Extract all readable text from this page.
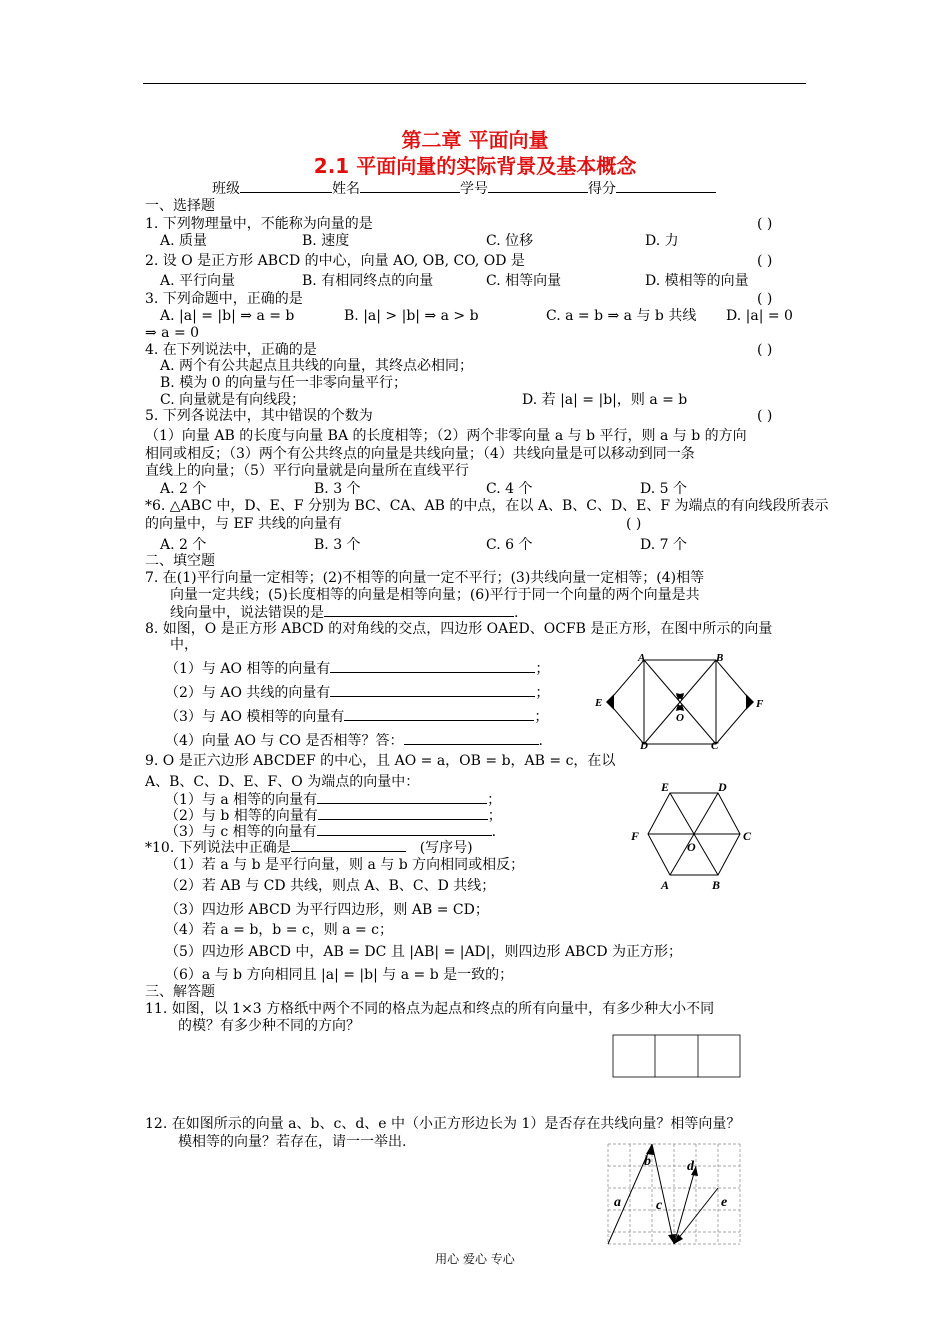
第二章 平面向量
2.1 平面向量的实际背景及基本概念
班级	姓名	学号	得分
一、选择题
1. 下列物理量中，不能称为向量的是	( )
A. 质量	B. 速度	C. 位移	D. 力
2. 设 O 是正方形 ABCD 的中心，向量 AO, OB, CO, OD 是	( )
A. 平行向量	B. 有相同终点的向量	C. 相等向量	D. 模相等的向量
3. 下列命题中，正确的是	( )
A. |a| = |b| ⇒ a = b	B. |a| > |b| ⇒ a > b	C. a = b ⇒ a 与 b 共线 D. |a| = 0
⇒ a = 0
4. 在下列说法中，正确的是	( )
A. 两个有公共起点且共线的向量，其终点必相同；
B. 模为 0 的向量与任一非零向量平行；
C. 向量就是有向线段；	D. 若 |a| = |b|，则 a = b
5. 下列各说法中，其中错误的个数为	( )
（1）向量 AB 的长度与向量 BA 的长度相等；（2）两个非零向量 a 与 b 平行，则 a 与 b 的方向
相同或相反；（3）两个有公共终点的向量是共线向量；（4）共线向量是可以移动到同一条
直线上的向量；（5）平行向量就是向量所在直线平行
A. 2 个	B. 3 个	C. 4 个	D. 5 个
*6. △ABC 中，D、E、F 分别为 BC、CA、AB 的中点，在以 A、B、C、D、E、F 为端点的有向线段所表示
的向量中，与 EF 共线的向量有	( )
A. 2 个	B. 3 个	C. 6 个	D. 7 个
二、填空题
7. 在(1)平行向量一定相等；(2)不相等的向量一定不平行；(3)共线向量一定相等；(4)相等
向量一定共线；(5)长度相等的向量是相等向量；(6)平行于同一个向量的两个向量是共
线向量中，说法错误的是	.
8. 如图，O 是正方形 ABCD 的对角线的交点，四边形 OAED、OCFB 是正方形，在图中所示的向量
中，
（1）与 AO 相等的向量有	；
（2）与 AO 共线的向量有	；
（3）与 AO 模相等的向量有	；
（4）向量 AO 与 CO 是否相等？答：	.
A	B
E
O
F
D	C
9. O 是正六边形 ABCDEF 的中心，且 AO = a，OB = b，AB = c，在以
A、B、C、D、E、F、O 为端点的向量中：
（1）与 a 相等的向量有	；
（2）与 b 相等的向量有	；
（3）与 c 相等的向量有	.
E	D
F
O
C
A	B
*10. 下列说法中正确是	(写序号)
（1）若 a 与 b 是平行向量，则 a 与 b 方向相同或相反；
（2）若 AB 与 CD 共线，则点 A、B、C、D 共线；
（3）四边形 ABCD 为平行四边形，则 AB = CD；
（4）若 a = b，b = c，则 a = c；
（5）四边形 ABCD 中，AB = DC 且 |AB| = |AD|，则四边形 ABCD 为正方形；
（6）a 与 b 方向相同且 |a| = |b| 与 a = b 是一致的；
三、解答题
11. 如图，以 1×3 方格纸中两个不同的格点为起点和终点的所有向量中，有多少种大小不同
的模？有多少种不同的方向？
12. 在如图所示的向量 a、b、c、d、e 中（小正方形边长为 1）是否存在共线向量？相等向量？
模相等的向量？若存在，请一一举出.
b	d
a	c	e
用心 爱心 专心
